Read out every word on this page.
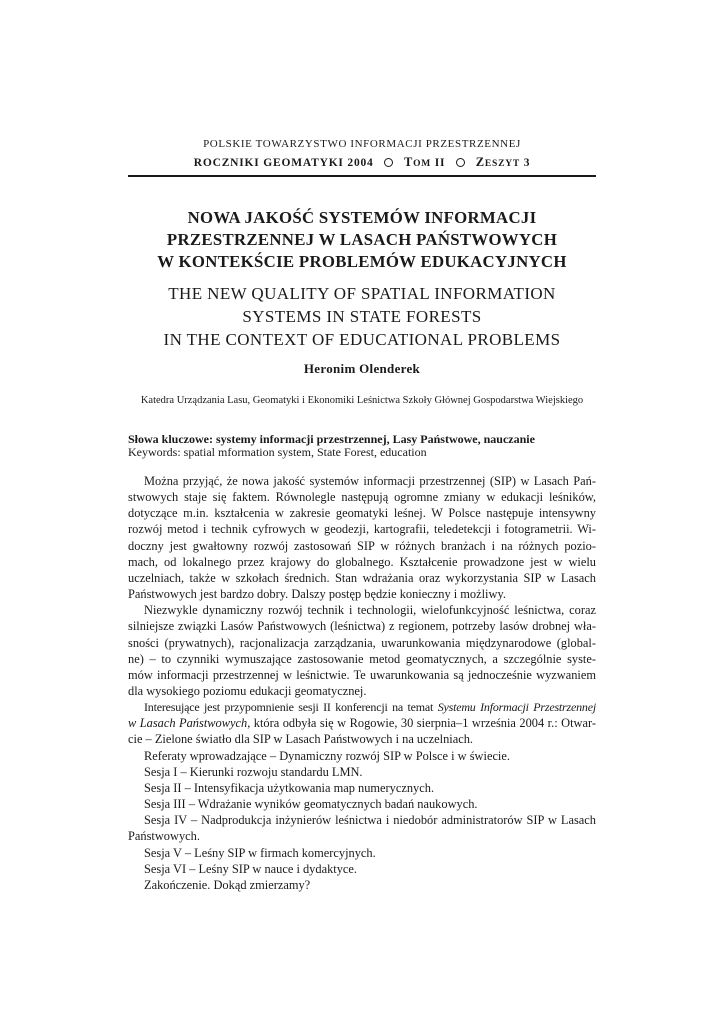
POLSKIE TOWARZYSTWO INFORMACJI PRZESTRZENNEJ
ROCZNIKI GEOMATYKI 2004 TOM II ZESZYT 3
NOWA JAKOŚĆ SYSTEMÓW INFORMACJI
PRZESTRZENNEJ W LASACH PAŃSTWOWYCH
W KONTEKŚCIE PROBLEMÓW EDUKACYJNYCH
THE NEW QUALITY OF SPATIAL INFORMATION
SYSTEMS IN STATE FORESTS
IN THE CONTEXT OF EDUCATIONAL PROBLEMS
Heronim Olenderek
Katedra Urządzania Lasu, Geomatyki i Ekonomiki Leśnictwa Szkoły Głównej Gospodarstwa Wiejskiego
Słowa kluczowe: systemy informacji przestrzennej, Lasy Państwowe, nauczanie
Keywords: spatial mformation system, State Forest, education
Można przyjąć, że nowa jakość systemów informacji przestrzennej (SIP) w Lasach Pań-
stwowych staje się faktem. Równolegle następują ogromne zmiany w edukacji leśników,
dotyczące m.in. kształcenia w zakresie geomatyki leśnej. W Polsce następuje intensywny
rozwój metod i technik cyfrowych w geodezji, kartografii, teledetekcji i fotogrametrii. Wi-
doczny jest gwałtowny rozwój zastosowań SIP w różnych branżach i na różnych pozio-
mach, od lokalnego przez krajowy do globalnego. Kształcenie prowadzone jest w wielu
uczelniach, także w szkołach średnich. Stan wdrażania oraz wykorzystania SIP w Lasach
Państwowych jest bardzo dobry. Dalszy postęp będzie konieczny i możliwy.
Niezwykle dynamiczny rozwój technik i technologii, wielofunkcyjność leśnictwa, coraz
silniejsze związki Lasów Państwowych (leśnictwa) z regionem, potrzeby lasów drobnej wła-
sności (prywatnych), racjonalizacja zarządzania, uwarunkowania międzynarodowe (global-
ne) – to czynniki wymuszające zastosowanie metod geomatycznych, a szczególnie syste-
mów informacji przestrzennej w leśnictwie. Te uwarunkowania są jednocześnie wyzwaniem
dla wysokiego poziomu edukacji geomatycznej.
Interesujące jest przypomnienie sesji II konferencji na temat Systemu Informacji Przestrzennej
w Lasach Państwowych, która odbyła się w Rogowie, 30 sierpnia–1 września 2004 r.: Otwar-
cie – Zielone światło dla SIP w Lasach Państwowych i na uczelniach.
Referaty wprowadzające – Dynamiczny rozwój SIP w Polsce i w świecie.
Sesja I – Kierunki rozwoju standardu LMN.
Sesja II – Intensyfikacja użytkowania map numerycznych.
Sesja III – Wdrażanie wyników geomatycznych badań naukowych.
Sesja IV – Nadprodukcja inżynierów leśnictwa i niedobór administratorów SIP w Lasach
Państwowych.
Sesja V – Leśny SIP w firmach komercyjnych.
Sesja VI – Leśny SIP w nauce i dydaktyce.
Zakończenie. Dokąd zmierzamy?
